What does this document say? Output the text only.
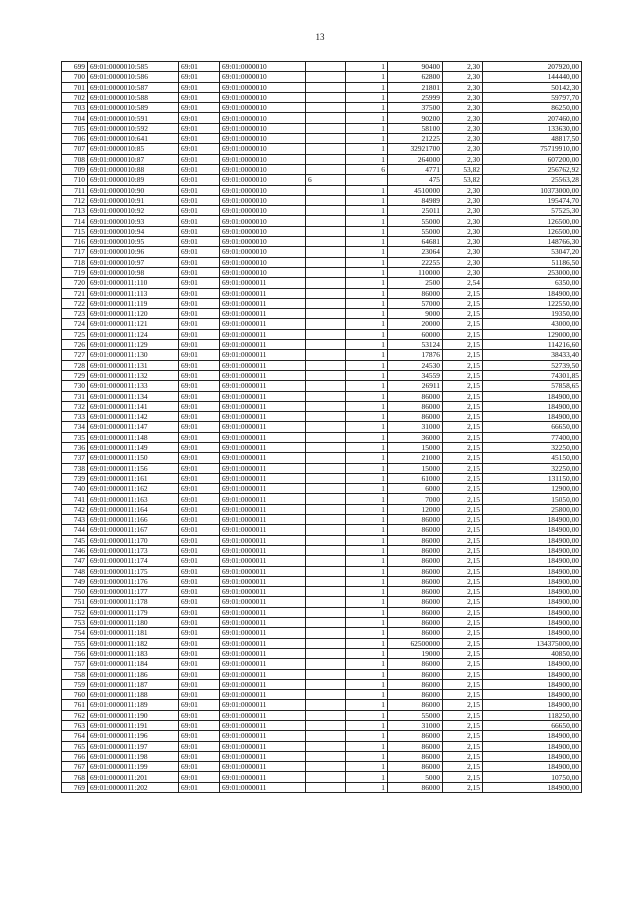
13
699	69:01:0000010:585	69:01	69:01:0000010		1	90400	2,30	207920,00
700	69:01:0000010:586	69:01	69:01:0000010		1	62800	2,30	144440,00
701	69:01:0000010:587	69:01	69:01:0000010		1	21801	2,30	50142,30
702	69:01:0000010:588	69:01	69:01:0000010		1	25999	2,30	59797,70
703	69:01:0000010:589	69:01	69:01:0000010		1	37500	2,30	86250,00
704	69:01:0000010:591	69:01	69:01:0000010		1	90200	2,30	207460,00
705	69:01:0000010:592	69:01	69:01:0000010		1	58100	2,30	133630,00
706	69:01:0000010:641	69:01	69:01:0000010		1	21225	2,30	48817,50
707	69:01:0000010:85	69:01	69:01:0000010		1	32921700	2,30	75719910,00
708	69:01:0000010:87	69:01	69:01:0000010		1	264000	2,30	607200,00
709	69:01:0000010:88	69:01	69:01:0000010		6	4771	53,82	256762,92
710	69:01:0000010:89	69:01	69:01:0000010	6		475	53,82	25563,28
711	69:01:0000010:90	69:01	69:01:0000010		1	4510000	2,30	10373000,00
712	69:01:0000010:91	69:01	69:01:0000010		1	84989	2,30	195474,70
713	69:01:0000010:92	69:01	69:01:0000010		1	25011	2,30	57525,30
714	69:01:0000010:93	69:01	69:01:0000010		1	55000	2,30	126500,00
715	69:01:0000010:94	69:01	69:01:0000010		1	55000	2,30	126500,00
716	69:01:0000010:95	69:01	69:01:0000010		1	64681	2,30	148766,30
717	69:01:0000010:96	69:01	69:01:0000010		1	23064	2,30	53047,20
718	69:01:0000010:97	69:01	69:01:0000010		1	22255	2,30	51186,50
719	69:01:0000010:98	69:01	69:01:0000010		1	110000	2,30	253000,00
720	69:01:0000011:110	69:01	69:01:0000011		1	2500	2,54	6350,00
721	69:01:0000011:113	69:01	69:01:0000011		1	86000	2,15	184900,00
722	69:01:0000011:119	69:01	69:01:0000011		1	57000	2,15	122550,00
723	69:01:0000011:120	69:01	69:01:0000011		1	9000	2,15	19350,00
724	69:01:0000011:121	69:01	69:01:0000011		1	20000	2,15	43000,00
725	69:01:0000011:124	69:01	69:01:0000011		1	60000	2,15	129000,00
726	69:01:0000011:129	69:01	69:01:0000011		1	53124	2,15	114216,60
727	69:01:0000011:130	69:01	69:01:0000011		1	17876	2,15	38433,40
728	69:01:0000011:131	69:01	69:01:0000011		1	24530	2,15	52739,50
729	69:01:0000011:132	69:01	69:01:0000011		1	34559	2,15	74301,85
730	69:01:0000011:133	69:01	69:01:0000011		1	26911	2,15	57858,65
731	69:01:0000011:134	69:01	69:01:0000011		1	86000	2,15	184900,00
732	69:01:0000011:141	69:01	69:01:0000011		1	86000	2,15	184900,00
733	69:01:0000011:142	69:01	69:01:0000011		1	86000	2,15	184900,00
734	69:01:0000011:147	69:01	69:01:0000011		1	31000	2,15	66650,00
735	69:01:0000011:148	69:01	69:01:0000011		1	36000	2,15	77400,00
736	69:01:0000011:149	69:01	69:01:0000011		1	15000	2,15	32250,00
737	69:01:0000011:150	69:01	69:01:0000011		1	21000	2,15	45150,00
738	69:01:0000011:156	69:01	69:01:0000011		1	15000	2,15	32250,00
739	69:01:0000011:161	69:01	69:01:0000011		1	61000	2,15	131150,00
740	69:01:0000011:162	69:01	69:01:0000011		1	6000	2,15	12900,00
741	69:01:0000011:163	69:01	69:01:0000011		1	7000	2,15	15050,00
742	69:01:0000011:164	69:01	69:01:0000011		1	12000	2,15	25800,00
743	69:01:0000011:166	69:01	69:01:0000011		1	86000	2,15	184900,00
744	69:01:0000011:167	69:01	69:01:0000011		1	86000	2,15	184900,00
745	69:01:0000011:170	69:01	69:01:0000011		1	86000	2,15	184900,00
746	69:01:0000011:173	69:01	69:01:0000011		1	86000	2,15	184900,00
747	69:01:0000011:174	69:01	69:01:0000011		1	86000	2,15	184900,00
748	69:01:0000011:175	69:01	69:01:0000011		1	86000	2,15	184900,00
749	69:01:0000011:176	69:01	69:01:0000011		1	86000	2,15	184900,00
750	69:01:0000011:177	69:01	69:01:0000011		1	86000	2,15	184900,00
751	69:01:0000011:178	69:01	69:01:0000011		1	86000	2,15	184900,00
752	69:01:0000011:179	69:01	69:01:0000011		1	86000	2,15	184900,00
753	69:01:0000011:180	69:01	69:01:0000011		1	86000	2,15	184900,00
754	69:01:0000011:181	69:01	69:01:0000011		1	86000	2,15	184900,00
755	69:01:0000011:182	69:01	69:01:0000011		1	62500000	2,15	134375000,00
756	69:01:0000011:183	69:01	69:01:0000011		1	19000	2,15	40850,00
757	69:01:0000011:184	69:01	69:01:0000011		1	86000	2,15	184900,00
758	69:01:0000011:186	69:01	69:01:0000011		1	86000	2,15	184900,00
759	69:01:0000011:187	69:01	69:01:0000011		1	86000	2,15	184900,00
760	69:01:0000011:188	69:01	69:01:0000011		1	86000	2,15	184900,00
761	69:01:0000011:189	69:01	69:01:0000011		1	86000	2,15	184900,00
762	69:01:0000011:190	69:01	69:01:0000011		1	55000	2,15	118250,00
763	69:01:0000011:191	69:01	69:01:0000011		1	31000	2,15	66650,00
764	69:01:0000011:196	69:01	69:01:0000011		1	86000	2,15	184900,00
765	69:01:0000011:197	69:01	69:01:0000011		1	86000	2,15	184900,00
766	69:01:0000011:198	69:01	69:01:0000011		1	86000	2,15	184900,00
767	69:01:0000011:199	69:01	69:01:0000011		1	86000	2,15	184900,00
768	69:01:0000011:201	69:01	69:01:0000011		1	5000	2,15	10750,00
769	69:01:0000011:202	69:01	69:01:0000011		1	86000	2,15	184900,00
